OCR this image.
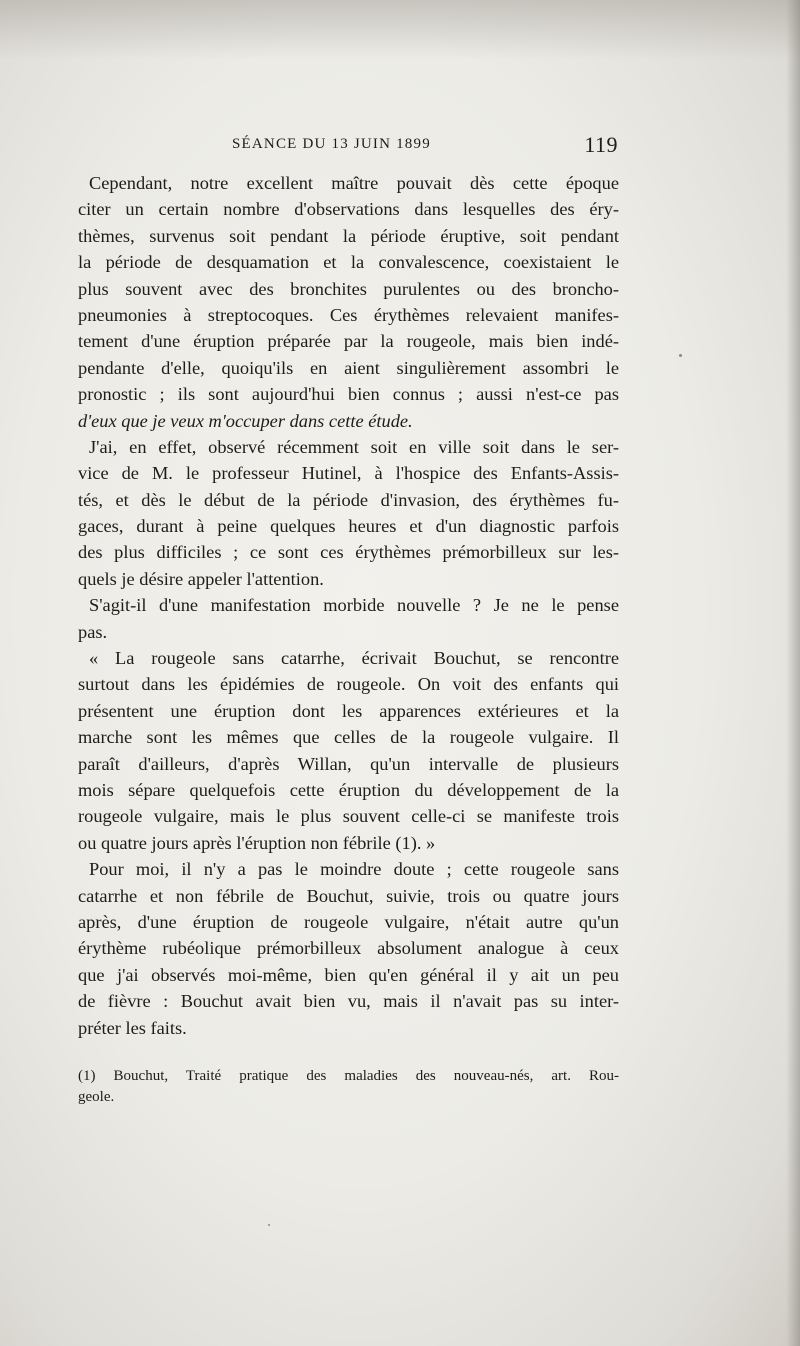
SÉANCE DU 13 JUIN 1899	119
Cependant, notre excellent maître pouvait dès cette époque
citer un certain nombre d'observations dans lesquelles des éry-
thèmes, survenus soit pendant la période éruptive, soit pendant
la période de desquamation et la convalescence, coexistaient le
plus souvent avec des bronchites purulentes ou des broncho-
pneumonies à streptocoques. Ces érythèmes relevaient manifes-
tement d'une éruption préparée par la rougeole, mais bien indé-
pendante d'elle, quoiqu'ils en aient singulièrement assombri le
pronostic ; ils sont aujourd'hui bien connus ; aussi n'est-ce pas
d'eux que je veux m'occuper dans cette étude.
J'ai, en effet, observé récemment soit en ville soit dans le ser-
vice de M. le professeur Hutinel, à l'hospice des Enfants-Assis-
tés, et dès le début de la période d'invasion, des érythèmes fu-
gaces, durant à peine quelques heures et d'un diagnostic parfois
des plus difficiles ; ce sont ces érythèmes prémorbilleux sur les-
quels je désire appeler l'attention.
S'agit-il d'une manifestation morbide nouvelle ? Je ne le pense
pas.
« La rougeole sans catarrhe, écrivait Bouchut, se rencontre
surtout dans les épidémies de rougeole. On voit des enfants qui
présentent une éruption dont les apparences extérieures et la
marche sont les mêmes que celles de la rougeole vulgaire. Il
paraît d'ailleurs, d'après Willan, qu'un intervalle de plusieurs
mois sépare quelquefois cette éruption du développement de la
rougeole vulgaire, mais le plus souvent celle-ci se manifeste trois
ou quatre jours après l'éruption non fébrile (1). »
Pour moi, il n'y a pas le moindre doute ; cette rougeole sans
catarrhe et non fébrile de Bouchut, suivie, trois ou quatre jours
après, d'une éruption de rougeole vulgaire, n'était autre qu'un
érythème rubéolique prémorbilleux absolument analogue à ceux
que j'ai observés moi-même, bien qu'en général il y ait un peu
de fièvre : Bouchut avait bien vu, mais il n'avait pas su inter-
préter les faits.
(1) Bouchut, Traité pratique des maladies des nouveau-nés, art. Rou-
geole.
